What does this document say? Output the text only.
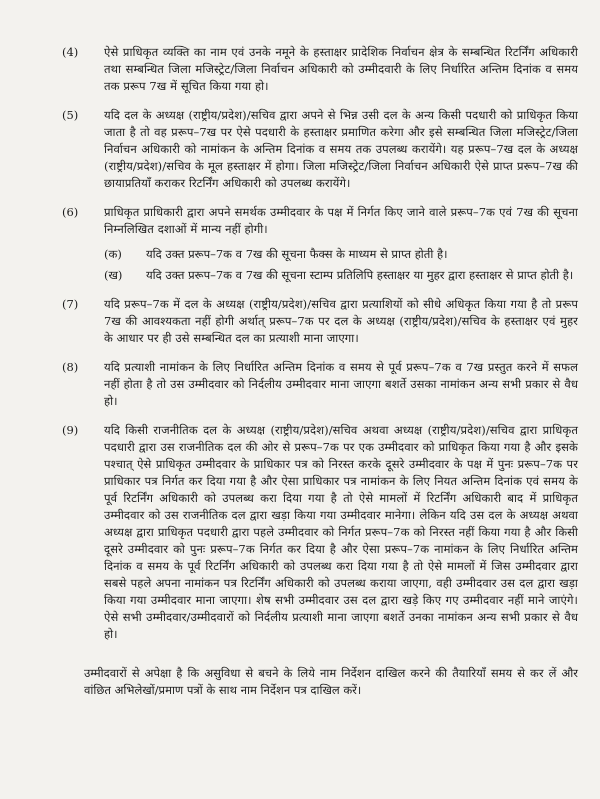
(4)	ऐसे प्राधिकृत व्यक्ति का नाम एवं उनके नमूने के हस्ताक्षर प्रादेशिक निर्वाचन क्षेत्र के सम्बन्धित रिटर्निंग अधिकारी तथा सम्बन्धित जिला मजिस्ट्रेट/जिला निर्वाचन अधिकारी को उम्मीदवारी के लिए निर्धारित अन्तिम दिनांक व समय तक प्ररूप 7ख में सूचित किया गया हो।
(5)	यदि दल के अध्यक्ष (राष्ट्रीय/प्रदेश)/सचिव द्वारा अपने से भिन्न उसी दल के अन्य किसी पदधारी को प्राधिकृत किया जाता है तो वह प्ररूप–7ख पर ऐसे पदधारी के हस्ताक्षर प्रमाणित करेगा और इसे सम्बन्धित जिला मजिस्ट्रेट/जिला निर्वाचन अधिकारी को नामांकन के अन्तिम दिनांक व समय तक उपलब्ध करायेंगे। यह प्ररूप–7ख दल के अध्यक्ष (राष्ट्रीय/प्रदेश)/सचिव के मूल हस्ताक्षर में होगा। जिला मजिस्ट्रेट/जिला निर्वाचन अधिकारी ऐसे प्राप्त प्ररूप–7ख की छायाप्रतियाँ कराकर रिटर्निंग अधिकारी को उपलब्ध करायेंगे।
(6)	प्राधिकृत प्राधिकारी द्वारा अपने समर्थक उम्मीदवार के पक्ष में निर्गत किए जाने वाले प्ररूप–7क एवं 7ख की सूचना निम्नलिखित दशाओं में मान्य नहीं होगी।
(क)	यदि उक्त प्ररूप–7क व 7ख की सूचना फैक्स के माध्यम से प्राप्त होती है।
(ख)	यदि उक्त प्ररूप–7क व 7ख की सूचना स्टाम्प प्रतिलिपि हस्ताक्षर या मुहर द्वारा हस्ताक्षर से प्राप्त होती है।
(7)	यदि प्ररूप–7क में दल के अध्यक्ष (राष्ट्रीय/प्रदेश)/सचिव द्वारा प्रत्याशियों को सीधे अधिकृत किया गया है तो प्ररूप 7ख की आवश्यकता नहीं होगी अर्थात् प्ररूप–7क पर दल के अध्यक्ष (राष्ट्रीय/प्रदेश)/सचिव के हस्ताक्षर एवं मुहर के आधार पर ही उसे सम्बन्धित दल का प्रत्याशी माना जाएगा।
(8)	यदि प्रत्याशी नामांकन के लिए निर्धारित अन्तिम दिनांक व समय से पूर्व प्ररूप–7क व 7ख प्रस्तुत करने में सफल नहीं होता है तो उस उम्मीदवार को निर्दलीय उम्मीदवार माना जाएगा बशर्ते उसका नामांकन अन्य सभी प्रकार से वैध हो।
(9)	यदि किसी राजनीतिक दल के अध्यक्ष (राष्ट्रीय/प्रदेश)/सचिव अथवा अध्यक्ष (राष्ट्रीय/प्रदेश)/सचिव द्वारा प्राधिकृत पदधारी द्वारा उस राजनीतिक दल की ओर से प्ररूप–7क पर एक उम्मीदवार को प्राधिकृत किया गया है और इसके पश्चात् ऐसे प्राधिकृत उम्मीदवार के प्राधिकार पत्र को निरस्त करके दूसरे उम्मीदवार के पक्ष में पुनः प्ररूप–7क पर प्राधिकार पत्र निर्गत कर दिया गया है और ऐसा प्राधिकार पत्र नामांकन के लिए नियत अन्तिम दिनांक एवं समय के पूर्व रिटर्निंग अधिकारी को उपलब्ध करा दिया गया है तो ऐसे मामलों में रिटर्निंग अधिकारी बाद में प्राधिकृत उम्मीदवार को उस राजनीतिक दल द्वारा खड़ा किया गया उम्मीदवार मानेगा। लेकिन यदि उस दल के अध्यक्ष अथवा अध्यक्ष द्वारा प्राधिकृत पदधारी द्वारा पहले उम्मीदवार को निर्गत प्ररूप–7क को निरस्त नहीं किया गया है और किसी दूसरे उम्मीदवार को पुनः प्ररूप–7क निर्गत कर दिया है और ऐसा प्ररूप–7क नामांकन के लिए निर्धारित अन्तिम दिनांक व समय के पूर्व रिटर्निंग अधिकारी को उपलब्ध करा दिया गया है तो ऐसे मामलों में जिस उम्मीदवार द्वारा सबसे पहले अपना नामांकन पत्र रिटर्निंग अधिकारी को उपलब्ध कराया जाएगा, वही उम्मीदवार उस दल द्वारा खड़ा किया गया उम्मीदवार माना जाएगा। शेष सभी उम्मीदवार उस दल द्वारा खड़े किए गए उम्मीदवार नहीं माने जाएंगे। ऐसे सभी उम्मीदवार/उम्मीदवारों को निर्दलीय प्रत्याशी माना जाएगा बशर्ते उनका नामांकन अन्य सभी प्रकार से वैध हो।
उम्मीदवारों से अपेक्षा है कि असुविधा से बचने के लिये नाम निर्देशन दाखिल करने की तैयारियाँ समय से कर लें और वांछित अभिलेखों/प्रमाण पत्रों के साथ नाम निर्देशन पत्र दाखिल करें।
